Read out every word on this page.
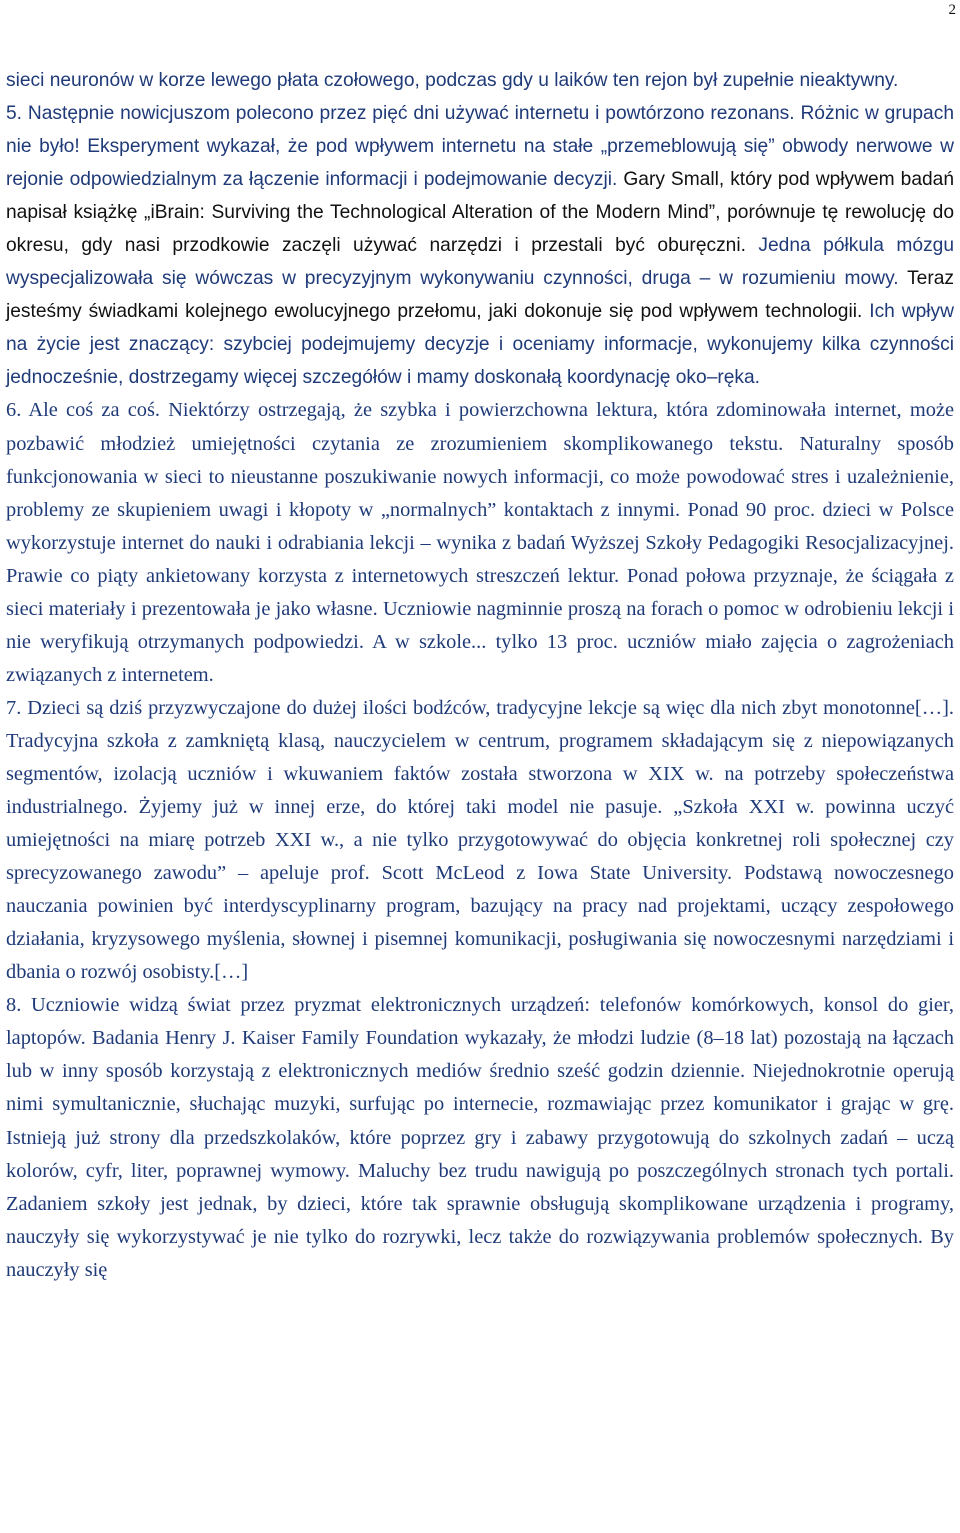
2

sieci neuronów w korze lewego płata czołowego, podczas gdy u laików ten rejon był zupełnie nieaktywny.
5. Następnie nowicjuszom polecono przez pięć dni używać internetu i powtórzono rezonans. Różnic w grupach nie było! Eksperyment wykazał, że pod wpływem internetu na stałe „przemeblowują się” obwody nerwowe w rejonie odpowiedzialnym za łączenie informacji i podejmowanie decyzji. Gary Small, który pod wpływem badań napisał książkę „iBrain: Surviving the Technological Alteration of the Modern Mind”, porównuje tę rewolucję do okresu, gdy nasi przodkowie zaczęli używać narzędzi i przestali być oburęczni. Jedna półkula mózgu wyspecjalizowała się wówczas w precyzyjnym wykonywaniu czynności, druga – w rozumieniu mowy. Teraz jesteśmy świadkami kolejnego ewolucyjnego przełomu, jaki dokonuje się pod wpływem technologii. Ich wpływ na życie jest znaczący: szybciej podejmujemy decyzje i oceniamy informacje, wykonujemy kilka czynności jednocześnie, dostrzegamy więcej szczegółów i mamy doskonałą koordynację oko–ręka.

6. Ale coś za coś. Niektórzy ostrzegają, że szybka i powierzchowna lektura, która zdominowała internet, może pozbawić młodzież umiejętności czytania ze zrozumieniem skomplikowanego tekstu. Naturalny sposób funkcjonowania w sieci to nieustanne poszukiwanie nowych informacji, co może powodować stres i uzależnienie, problemy ze skupieniem uwagi i kłopoty w „normalnych” kontaktach z innymi. Ponad 90 proc. dzieci w Polsce wykorzystuje internet do nauki i odrabiania lekcji – wynika z badań Wyższej Szkoły Pedagogiki Resocjalizacyjnej. Prawie co piąty ankietowany korzysta z internetowych streszczeń lektur. Ponad połowa przyznaje, że ściągała z sieci materiały i prezentowała je jako własne. Uczniowie nagminnie proszą na forach o pomoc w odrobieniu lekcji i nie weryfikują otrzymanych podpowiedzi. A w szkole... tylko 13 proc. uczniów miało zajęcia o zagrożeniach związanych z internetem.

7. Dzieci są dziś przyzwyczajone do dużej ilości bodźców, tradycyjne lekcje są więc dla nich zbyt monotonne[…]. Tradycyjna szkoła z zamkniętą klasą, nauczycielem w centrum, programem składającym się z niepowiązanych segmentów, izolacją uczniów i wkuwaniem faktów została stworzona w XIX w. na potrzeby społeczeństwa industrialnego. Żyjemy już w innej erze, do której taki model nie pasuje. „Szkoła XXI w. powinna uczyć umiejętności na miarę potrzeb XXI w., a nie tylko przygotowywać do objęcia konkretnej roli społecznej czy sprecyzowanego zawodu” – apeluje prof. Scott McLeod z Iowa State University. Podstawą nowoczesnego nauczania powinien być interdyscyplinarny program, bazujący na pracy nad projektami, uczący zespołowego działania, kryzysowego myślenia, słownej i pisemnej komunikacji, posługiwania się nowoczesnymi narzędziami i dbania o rozwój osobisty.[…]

8. Uczniowie widzą świat przez pryzmat elektronicznych urządzeń: telefonów komórkowych, konsol do gier, laptopów. Badania Henry J. Kaiser Family Foundation wykazały, że młodzi ludzie (8–18 lat) pozostają na łączach lub w inny sposób korzystają z elektronicznych mediów średnio sześć godzin dziennie. Niejednokrotnie operują nimi symultanicznie, słuchając muzyki, surfując po internecie, rozmawiając przez komunikator i grając w grę. Istnieją już strony dla przedszkolaków, które poprzez gry i zabawy przygotowują do szkolnych zadań – uczą kolorów, cyfr, liter, poprawnej wymowy. Maluchy bez trudu nawigują po poszczególnych stronach tych portali. Zadaniem szkoły jest jednak, by dzieci, które tak sprawnie obsługują skomplikowane urządzenia i programy, nauczyły się wykorzystywać je nie tylko do rozrywki, lecz także do rozwiązywania problemów społecznych. By nauczyły się
